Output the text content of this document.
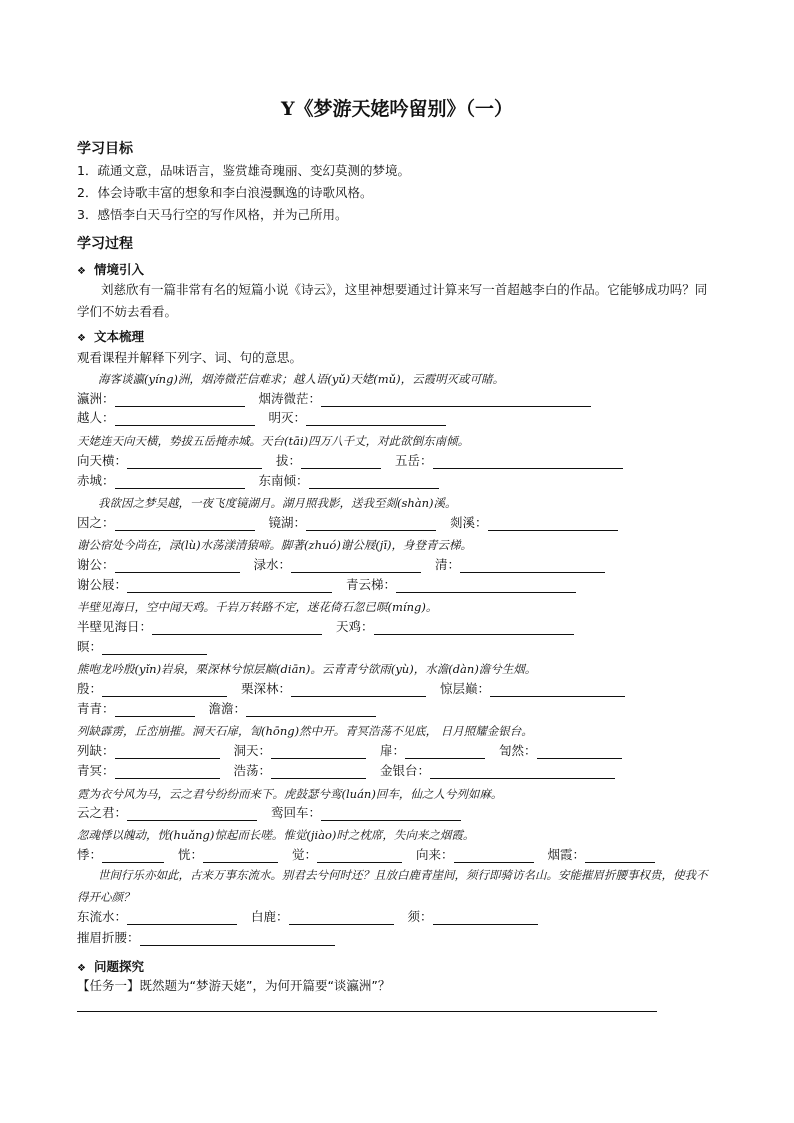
Y《梦游天姥吟留别》（一）
学习目标
1．疏通文意，品味语言，鉴赏雄奇瑰丽、变幻莫测的梦境。
2．体会诗歌丰富的想象和李白浪漫飘逸的诗歌风格。
3．感悟李白天马行空的写作风格，并为己所用。
学习过程
❖ 情境引入
刘慈欣有一篇非常有名的短篇小说《诗云》，这里神想要通过计算来写一首超越李白的作品。它能够成功吗？同学们不妨去看看。
❖ 文本梳理
观看课程并解释下列字、词、句的意思。
海客谈瀛(yíng)洲，烟涛微茫信难求；越人语(yǔ)天姥(mǔ)，云霞明灭或可睹。
瀛洲：	烟涛微茫：
越人：	明灭：
天姥连天向天横，势拔五岳掩赤城。天台(tāi)四万八千丈，对此欲倒东南倾。
向天横：	拔：	五岳：
赤城：	东南倾：
我欲因之梦吴越，一夜飞度镜湖月。湖月照我影，送我至剡(shàn)溪。
因之：	镜湖：	剡溪：
谢公宿处今尚在，渌(lù)水荡漾清猿啼。脚著(zhuó)谢公屐(jī)，身登青云梯。
谢公：	渌水：	清：
谢公屐：	青云梯：
半壁见海日，空中闻天鸡。千岩万转路不定，迷花倚石忽已暝(míng)。
半壁见海日：	天鸡：
暝：
熊咆龙吟殷(yǐn)岩泉，栗深林兮惊层巅(diān)。云青青兮欲雨(yù)，水澹(dàn)澹兮生烟。
殷：	栗深林：	惊层巅：
青青：	澹澹：
列缺霹雳，丘峦崩摧。洞天石扉，訇(hōng)然中开。青冥浩荡不见底， 日月照耀金银台。
列缺：	洞天：	扉：	訇然：
青冥：	浩荡：	金银台：
霓为衣兮风为马，云之君兮纷纷而来下。虎鼓瑟兮鸾(luán)回车，仙之人兮列如麻。
云之君：	鸾回车：
忽魂悸以魄动，恍(huǎng)惊起而长嗟。惟觉(jiào)时之枕席，失向来之烟霞。
悸：	恍：	觉：	向来：	烟霞：
世间行乐亦如此，古来万事东流水。别君去兮何时还？且放白鹿青崖间，须行即骑访名山。安能摧眉折腰事权贵，使我不得开心颜？
东流水：	白鹿：	须：
摧眉折腰：
❖ 问题探究
【任务一】既然题为“梦游天姥”，为何开篇要“谈瀛洲”？
